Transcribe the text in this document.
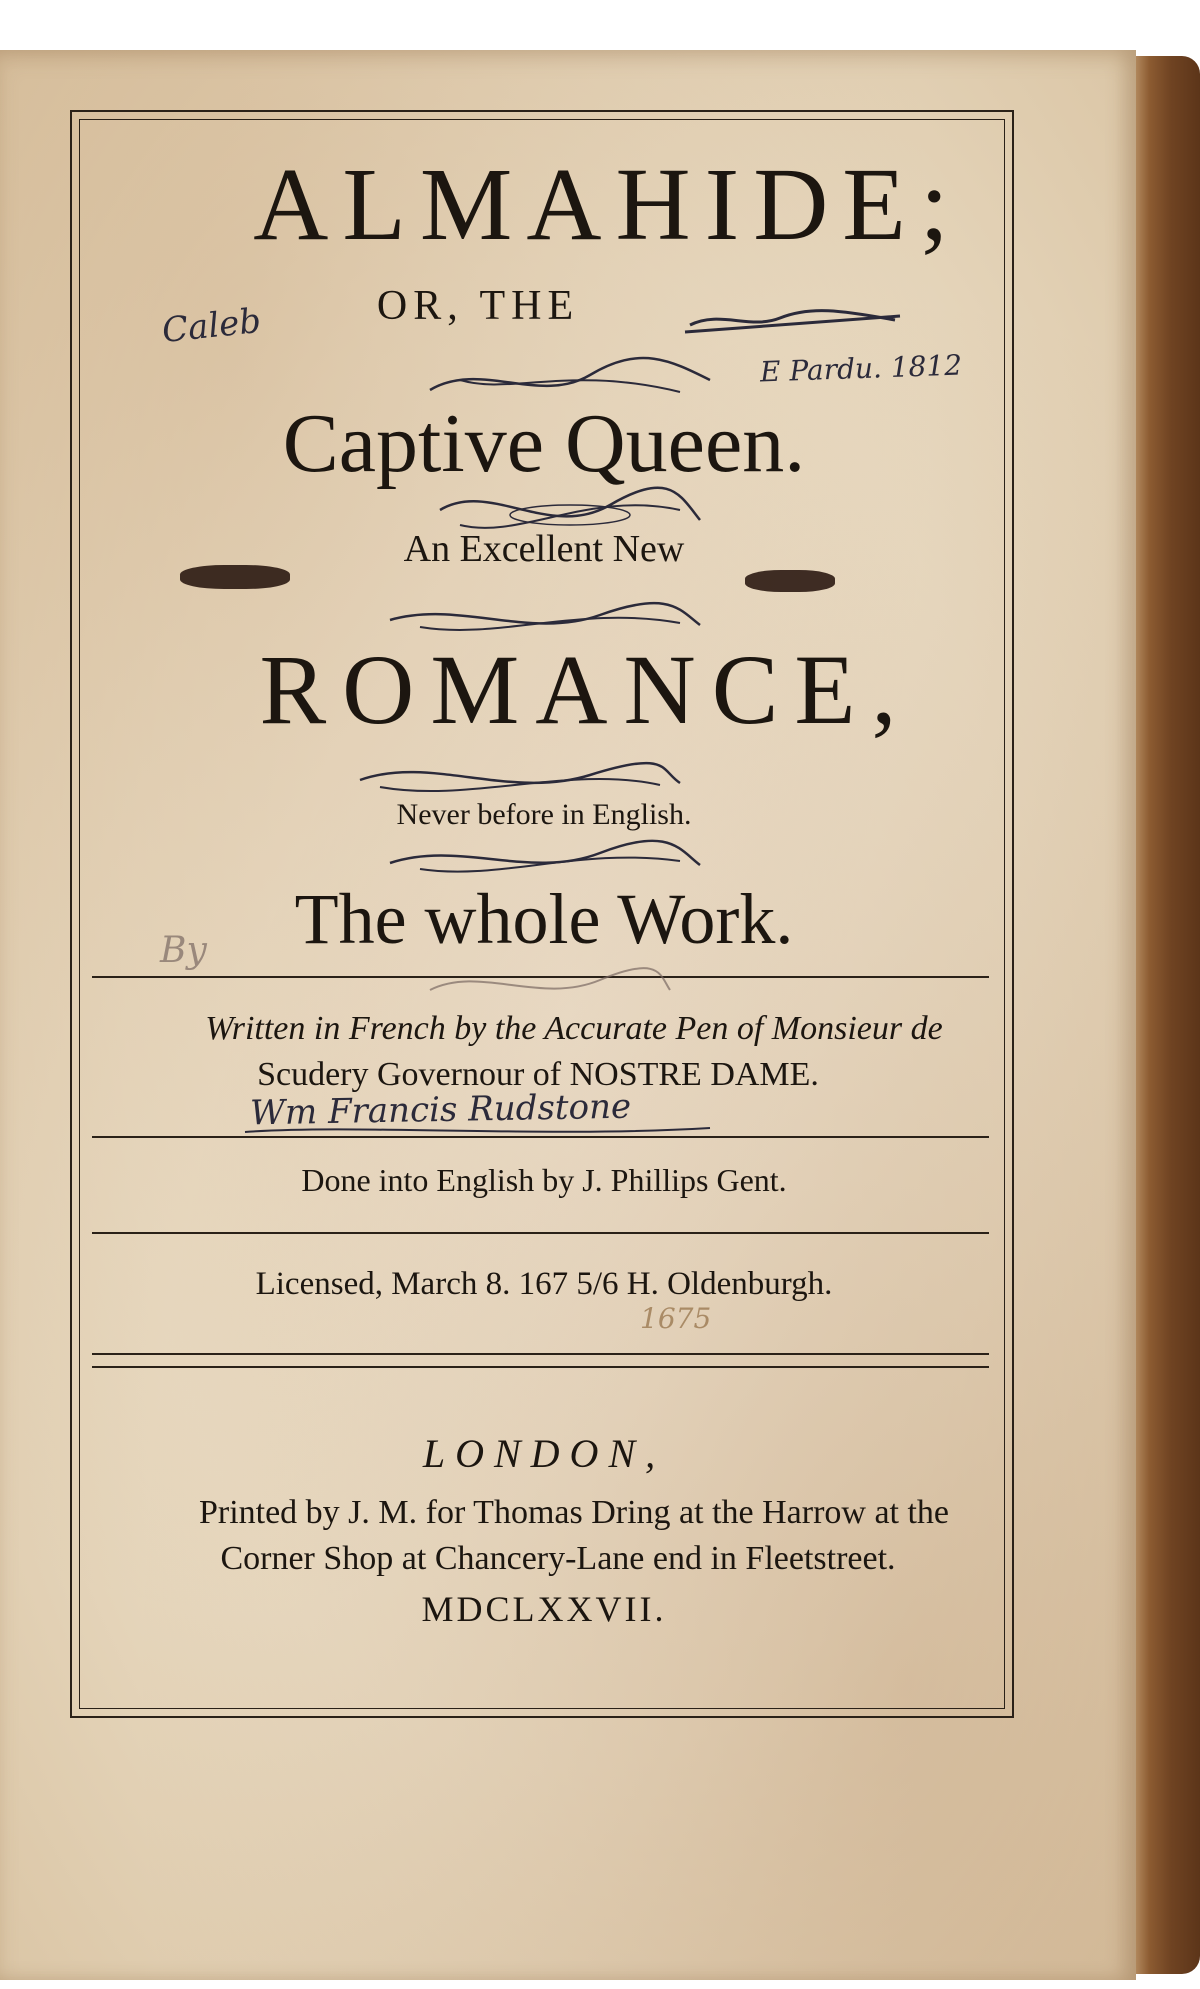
ALMAHIDE;
OR, THE
Captive Queen.
An Excellent New
ROMANCE,
Never before in English.
The whole Work.
Written in French by the Accurate Pen of Monsieur de
Scudery Governour of NOSTRE DAME.
Done into English by J. Phillips Gent.
Licensed, March 8. 167 5/6 H. Oldenburgh.
LONDON,
Printed by J. M. for Thomas Dring at the Harrow at the
Corner Shop at Chancery-Lane end in Fleetstreet.
MDCLXXVII.
E Pardu. 1812
Caleb
Wm Francis Rudstone
By
1675
